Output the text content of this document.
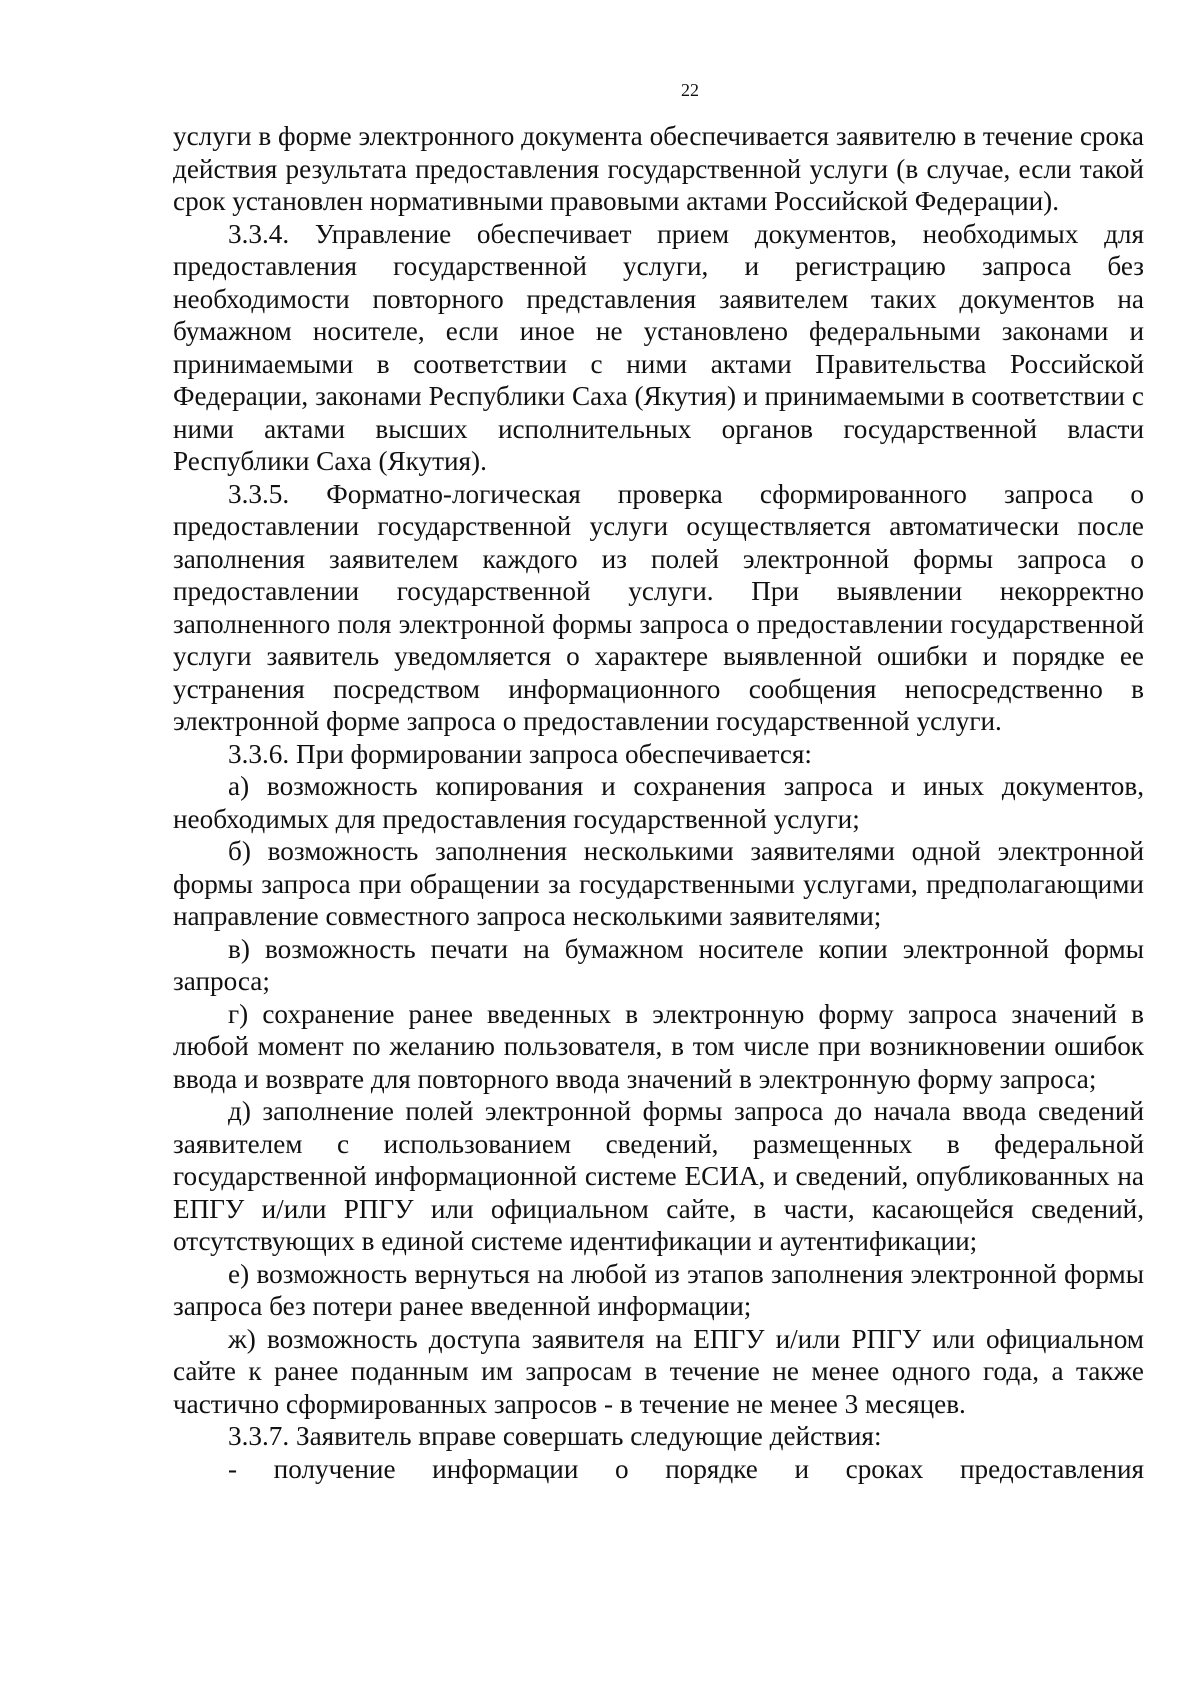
22

услуги в форме электронного документа обеспечивается заявителю в течение срока действия результата предоставления государственной услуги (в случае, если такой срок установлен нормативными правовыми актами Российской Федерации).

3.3.4. Управление обеспечивает прием документов, необходимых для предоставления государственной услуги, и регистрацию запроса без необходимости повторного представления заявителем таких документов на бумажном носителе, если иное не установлено федеральными законами и принимаемыми в соответствии с ними актами Правительства Российской Федерации, законами Республики Саха (Якутия) и принимаемыми в соответствии с ними актами высших исполнительных органов государственной власти Республики Саха (Якутия).

3.3.5. Форматно-логическая проверка сформированного запроса о предоставлении государственной услуги осуществляется автоматически после заполнения заявителем каждого из полей электронной формы запроса о предоставлении государственной услуги. При выявлении некорректно заполненного поля электронной формы запроса о предоставлении государственной услуги заявитель уведомляется о характере выявленной ошибки и порядке ее устранения посредством информационного сообщения непосредственно в электронной форме запроса о предоставлении государственной услуги.

3.3.6. При формировании запроса обеспечивается:

а) возможность копирования и сохранения запроса и иных документов, необходимых для предоставления государственной услуги;

б) возможность заполнения несколькими заявителями одной электронной формы запроса при обращении за государственными услугами, предполагающими направление совместного запроса несколькими заявителями;

в) возможность печати на бумажном носителе копии электронной формы запроса;

г) сохранение ранее введенных в электронную форму запроса значений в любой момент по желанию пользователя, в том числе при возникновении ошибок ввода и возврате для повторного ввода значений в электронную форму запроса;

д) заполнение полей электронной формы запроса до начала ввода сведений заявителем с использованием сведений, размещенных в федеральной государственной информационной системе ЕСИА, и сведений, опубликованных на ЕПГУ и/или РПГУ или официальном сайте, в части, касающейся сведений, отсутствующих в единой системе идентификации и аутентификации;

е) возможность вернуться на любой из этапов заполнения электронной формы запроса без потери ранее введенной информации;

ж) возможность доступа заявителя на ЕПГУ и/или РПГУ или официальном сайте к ранее поданным им запросам в течение не менее одного года, а также частично сформированных запросов - в течение не менее 3 месяцев.

3.3.7. Заявитель вправе совершать следующие действия:

- получение информации о порядке и сроках предоставления
